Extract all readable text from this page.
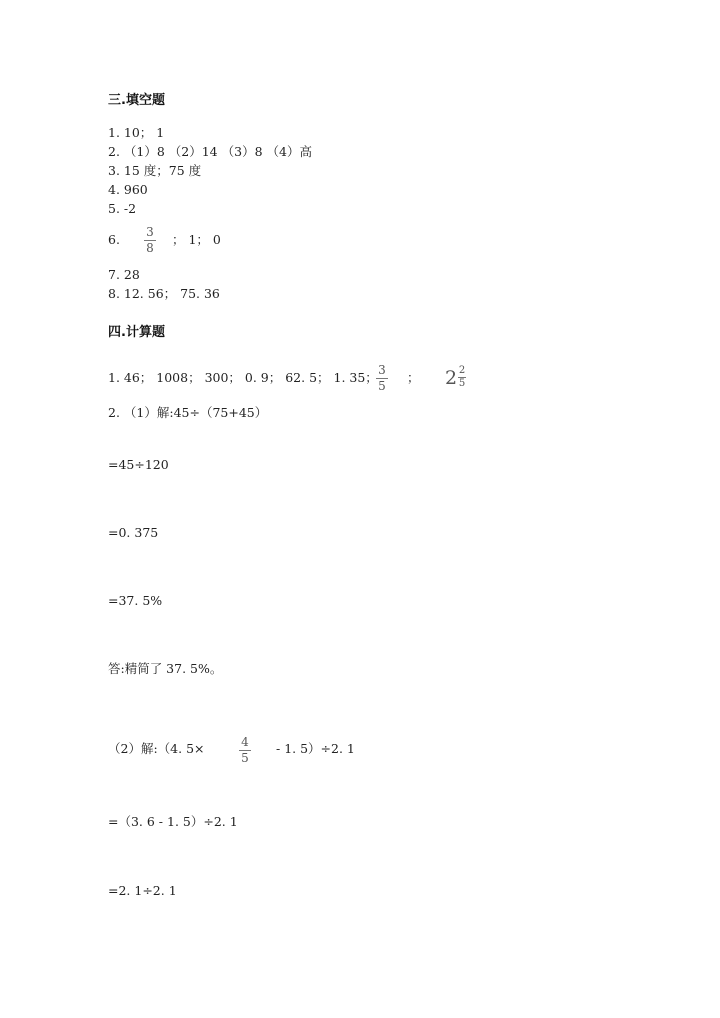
三.填空题
1. 10； 1
2. （1）8 （2）14 （3）8 （4）高
3. 15 度；75 度
4. 960
5. -2
6. 3
8
； 1； 0
7. 28
8. 12. 56； 75. 36
四.计算题
1. 46； 1008； 300； 0. 9； 62. 5； 1. 35； 3
5
； $2 \frac{2}{5}$
2. （1）解:45÷（75+45）
=45÷120
=0. 375
=37. 5%
答:精简了 37. 5%。
（2）解:（4. 5×	4
5
- 1. 5）÷2. 1
=（3. 6 - 1. 5）÷2. 1
=2. 1÷2. 1
